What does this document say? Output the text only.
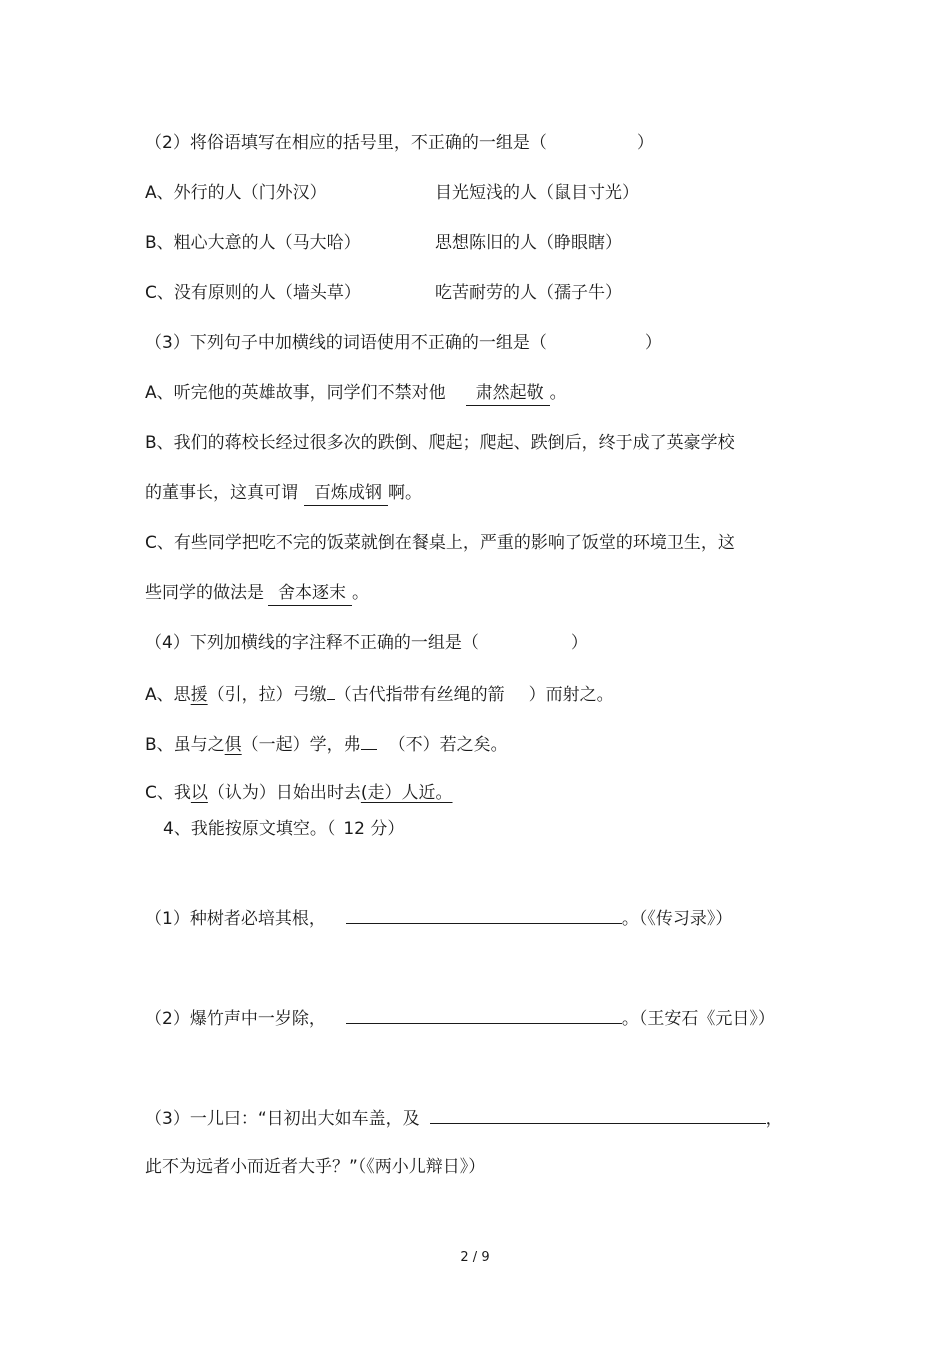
（2）将俗语填写在相应的括号里，不正确的一组是（	）
A、外行的人（门外汉）	目光短浅的人（鼠目寸光）
B、粗心大意的人（马大哈）	思想陈旧的人（睁眼瞎）
C、没有原则的人（墙头草）	吃苦耐劳的人（孺子牛）
（3）下列句子中加横线的词语使用不正确的一组是（	）
A、听完他的英雄故事，同学们不禁对他 肃然起敬 。
B、我们的蒋校长经过很多次的跌倒、爬起；爬起、跌倒后，终于成了英豪学校
的董事长，这真可谓 百炼成钢 啊。
C、有些同学把吃不完的饭菜就倒在餐桌上，严重的影响了饭堂的环境卫生，这
些同学的做法是 舍本逐末 。
（4）下列加横线的字注释不正确的一组是（	）
A、思援（引，拉）弓缴 （古代指带有丝绳的箭 ）而射之。
B、虽与之俱（一起）学，弗 （不）若之矣。
C、我以（认为）日始出时去(走）人近。
4、我能按原文填空。（ 12 分）
（1）种树者必培其根，	。（《传习录》）
（2）爆竹声中一岁除，	。（王安石《元日》）
（3）一儿曰：“日初出大如车盖，及	，
此不为远者小而近者大乎？”（《两小儿辩日》）
2 / 9
